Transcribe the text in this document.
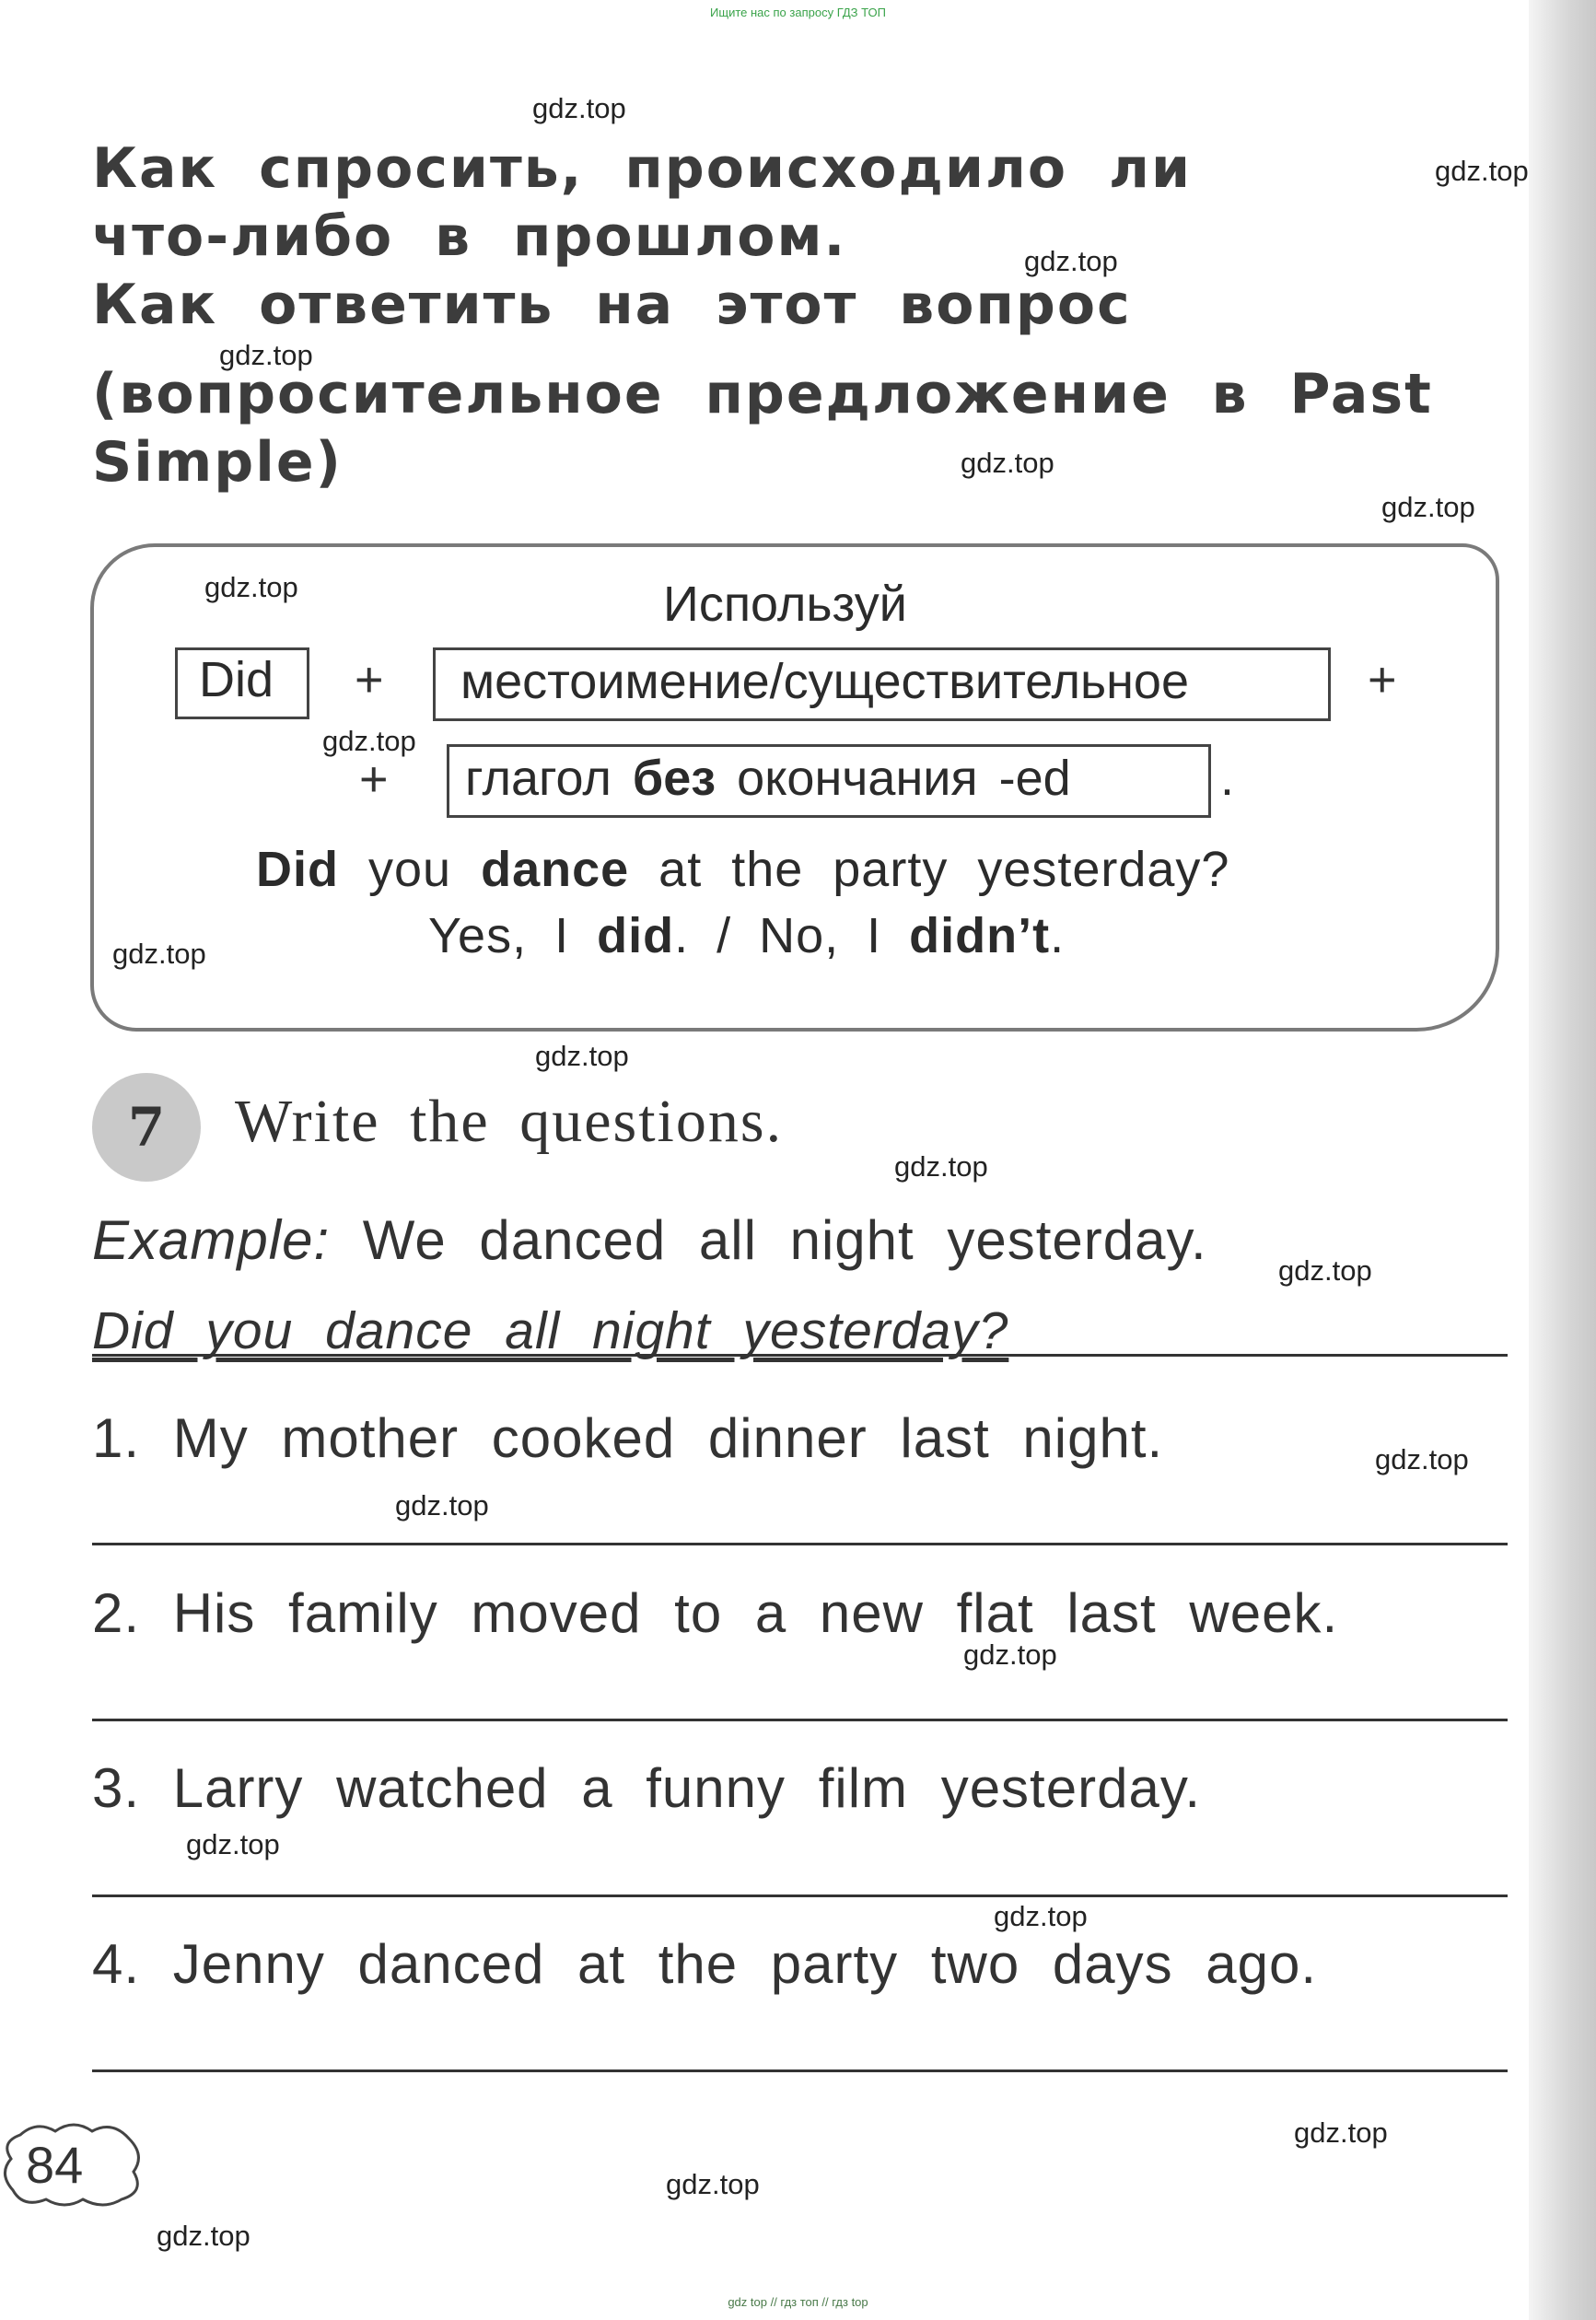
Ищите нас по запросу ГДЗ ТОП
Как спросить, происходило ли
что-либо в прошлом.
Как ответить на этот вопрос
(вопросительное предложение в Past
Simple)
Используй
Did + местоимение/существительное	+
+ глагол без окончания -ed	.
Did you dance at the party yesterday?
Yes, I did. / No, I didn’t.
7	Write the questions.
Example: We danced all night yesterday.
Did you dance all night yesterday?
1. My mother cooked dinner last night.
2. His family moved to a new flat last week.
3. Larry watched a funny film yesterday.
4. Jenny danced at the party two days ago.
84
gdz.top
gdz.top
gdz.top
gdz.top
gdz.top
gdz.top
gdz.top
gdz.top
gdz.top
gdz.top
gdz.top
gdz.top
gdz.top
gdz.top
gdz.top
gdz.top
gdz.top
gdz.top
gdz.top
gdz.top
gdz top // гдз топ // гдз top
